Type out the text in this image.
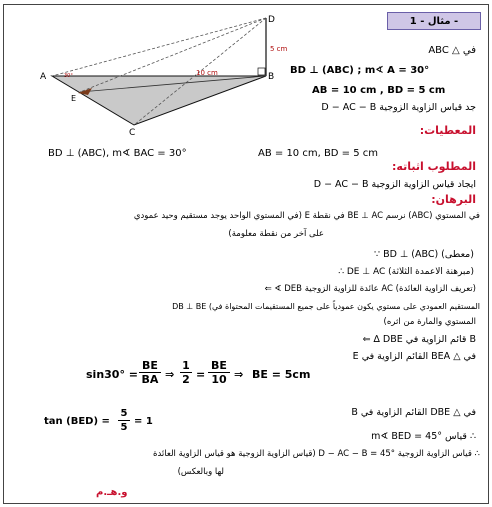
D
A	B
C
E
5 cm
10 cm
30°
مثال - 1 -
في △ ABC
BD ⊥ (ABC) ; m∢ A = 30°
AB = 10 cm , BD = 5 cm
جد قياس الزاوية الزوجية D − AC − B
المعطيات:
BD ⊥ (ABC), m∢ BAC = 30°	AB = 10 cm, BD = 5 cm
المطلوب اثباته:
ايجاد قياس الزاوية الزوجية D − AC − B
البرهان:
في المستوي (ABC) نرسم BE ⊥ AC في نقطة E (في المستوي الواحد يوجد مستقيم وحيد عمودي
على آخر من نقطة معلومة)
∵ BD ⊥ (ABC) (معطى)
∴ DE ⊥ AC (مبرهنة الاعمدة الثلاثة)
⇐ ∢ DEB عائدة للزاوية الزوجية AC (تعريف الزاوية العائدة)
DB ⊥ BE (المستقيم العمودي على مستوي يكون عمودياً على جميع المستقيمات المحتواة في
المستوي والمارة من اثره)
⇐ ∆ DBE قائم الزاوية في B
في △ BEA القائم الزاوية في E
$\sin 30^\circ = \frac{BE}{BA}$ ⇒ $\frac{1}{2} = \frac{BE}{10}$ ⇒ BE = 5cm
في △ DBE القائم الزاوية في B
$\tan (BED) = \frac{5}{5} = 1$
∴ قياس m∢ BED = 45°
∴ قياس الزاوية الزوجية D − AC − B = 45° (قياس الزاوية الزوجية هو قياس الزاوية العائدة
لها وبالعكس)
و.هـ.م
